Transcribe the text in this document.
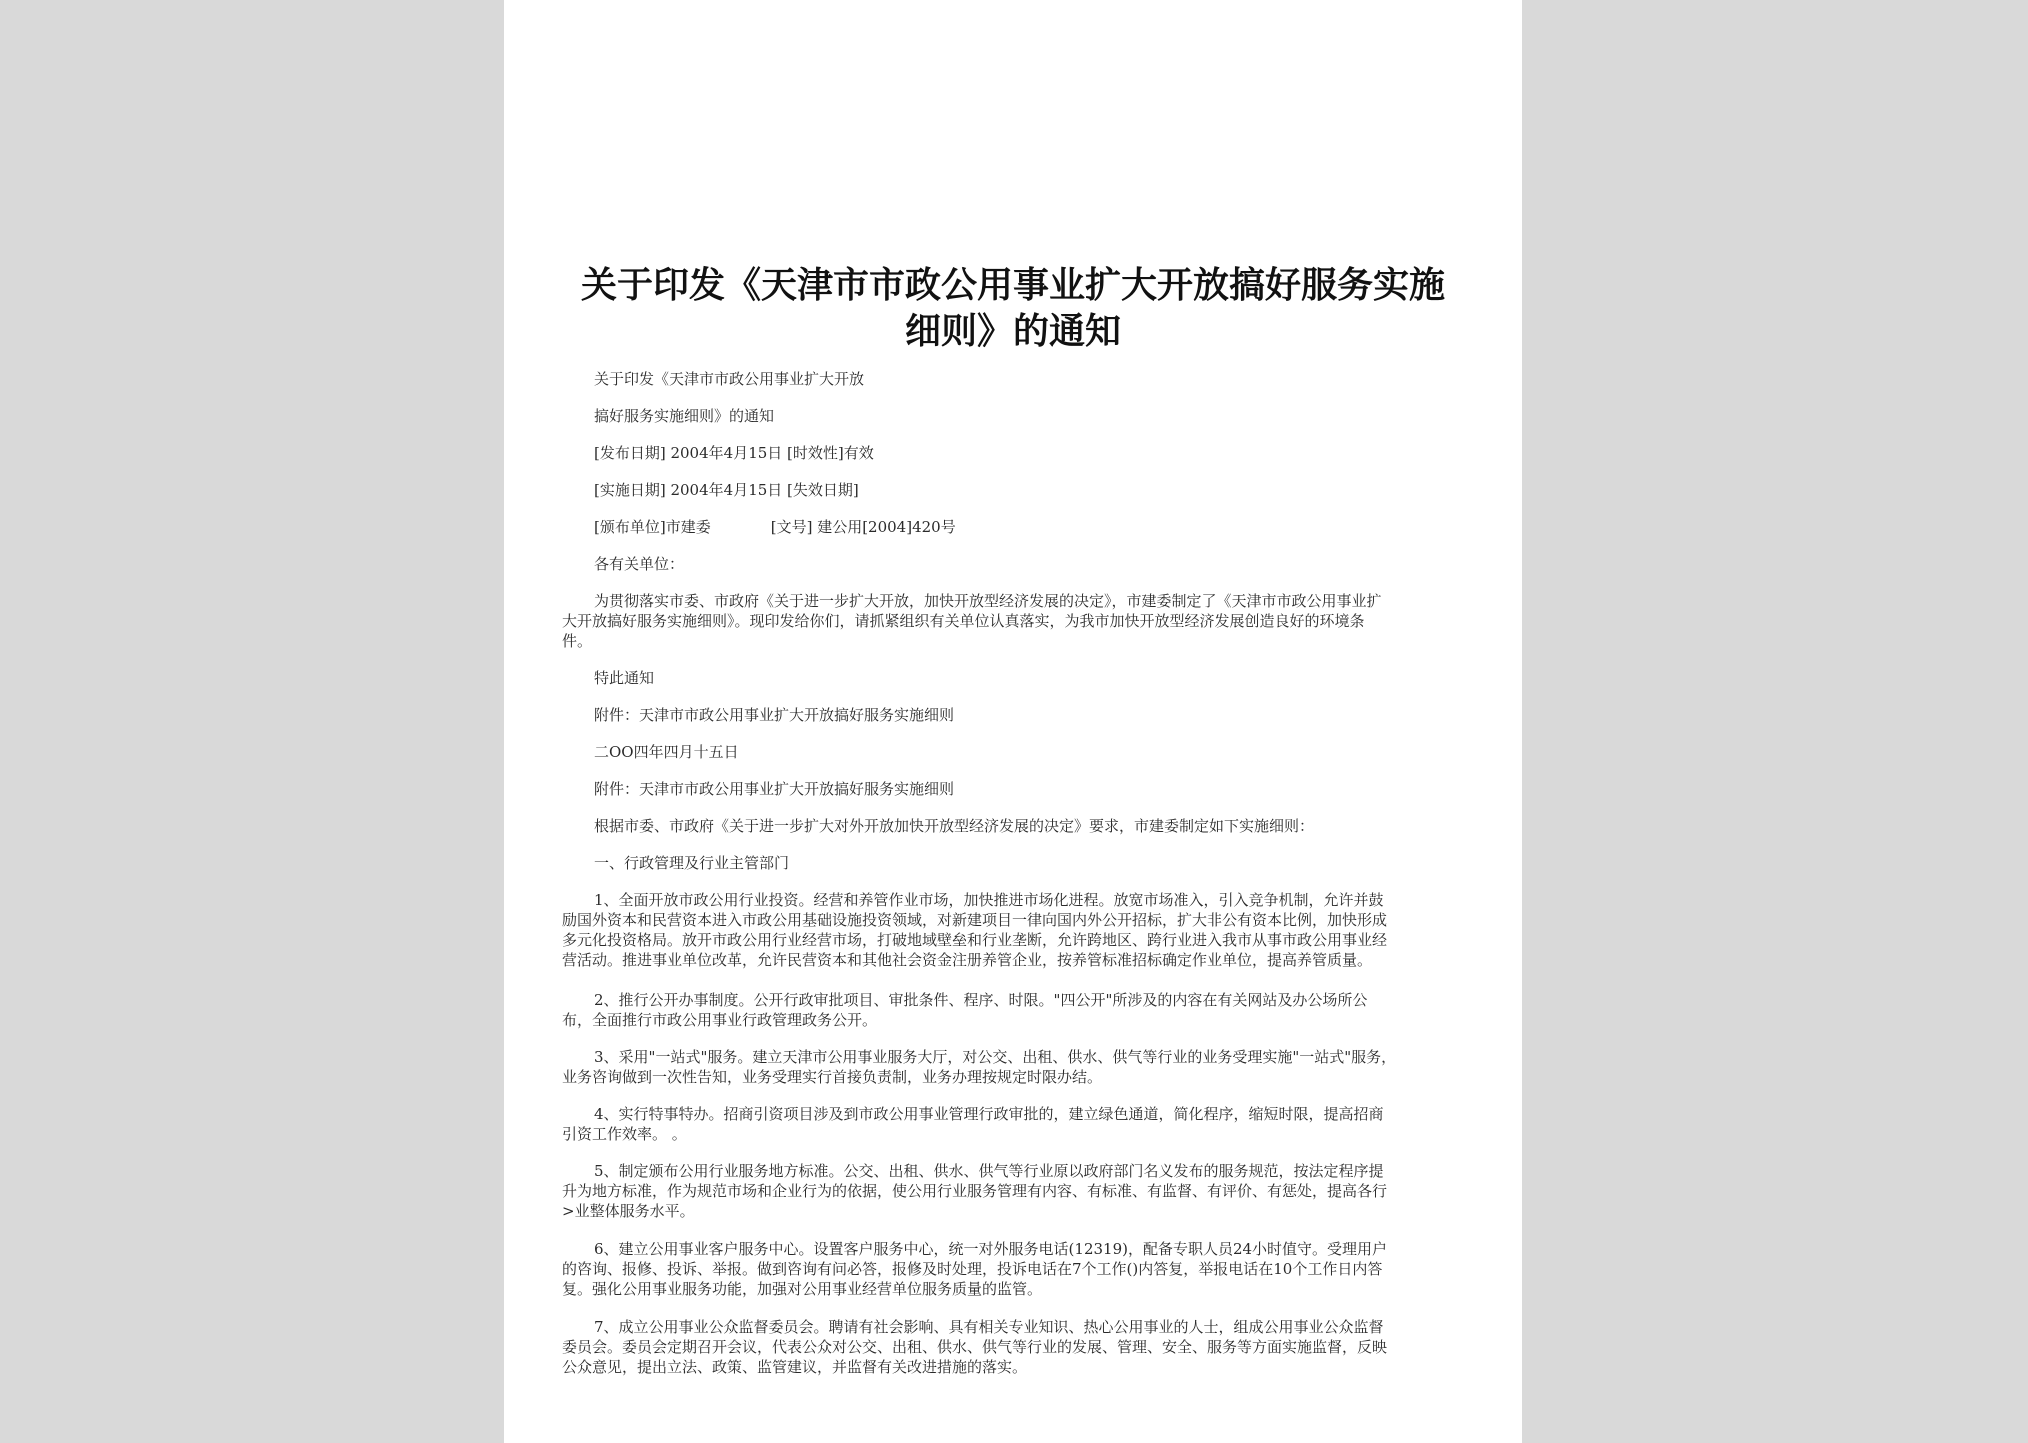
关于印发《天津市市政公用事业扩大开放搞好服务实施
细则》的通知
关于印发《天津市市政公用事业扩大开放
搞好服务实施细则》的通知
[发布日期] 2004年4月15日 [时效性]有效
[实施日期] 2004年4月15日 [失效日期]
[颁布单位]市建委	[文号] 建公用[2004]420号
各有关单位：
为贯彻落实市委、市政府《关于进一步扩大开放，加快开放型经济发展的决定》，市建委制定了《天津市市政公用事业扩
大开放搞好服务实施细则》。现印发给你们，请抓紧组织有关单位认真落实，为我市加快开放型经济发展创造良好的环境条
件。
特此通知
附件：天津市市政公用事业扩大开放搞好服务实施细则
二OO四年四月十五日
附件：天津市市政公用事业扩大开放搞好服务实施细则
根据市委、市政府《关于进一步扩大对外开放加快开放型经济发展的决定》要求，市建委制定如下实施细则：
一、行政管理及行业主管部门
1、全面开放市政公用行业投资。经营和养管作业市场，加快推进市场化进程。放宽市场准入，引入竞争机制，允许并鼓
励国外资本和民营资本进入市政公用基础设施投资领域，对新建项目一律向国内外公开招标，扩大非公有资本比例，加快形成
多元化投资格局。放开市政公用行业经营市场，打破地域壁垒和行业垄断，允许跨地区、跨行业进入我市从事市政公用事业经
营活动。推进事业单位改革，允许民营资本和其他社会资金注册养管企业，按养管标准招标确定作业单位，提高养管质量。
2、推行公开办事制度。公开行政审批项目、审批条件、程序、时限。"四公开"所涉及的内容在有关网站及办公场所公
布，全面推行市政公用事业行政管理政务公开。
3、采用"一站式"服务。建立天津市公用事业服务大厅，对公交、出租、供水、供气等行业的业务受理实施"一站式"服务，
业务咨询做到一次性告知，业务受理实行首接负责制，业务办理按规定时限办结。
4、实行特事特办。招商引资项目涉及到市政公用事业管理行政审批的，建立绿色通道，简化程序，缩短时限，提高招商
引资工作效率。 。
5、制定颁布公用行业服务地方标准。公交、出租、供水、供气等行业原以政府部门名义发布的服务规范，按法定程序提
升为地方标准，作为规范市场和企业行为的依据，使公用行业服务管理有内容、有标准、有监督、有评价、有惩处，提高各行
>业整体服务水平。
6、建立公用事业客户服务中心。设置客户服务中心，统一对外服务电话(12319)，配备专职人员24小时值守。受理用户
的咨询、报修、投诉、举报。做到咨询有问必答，报修及时处理，投诉电话在7个工作()内答复，举报电话在10个工作日内答
复。强化公用事业服务功能，加强对公用事业经营单位服务质量的监管。
7、成立公用事业公众监督委员会。聘请有社会影响、具有相关专业知识、热心公用事业的人士，组成公用事业公众监督
委员会。委员会定期召开会议，代表公众对公交、出租、供水、供气等行业的发展、管理、安全、服务等方面实施监督，反映
公众意见，提出立法、政策、监管建议，并监督有关改进措施的落实。
